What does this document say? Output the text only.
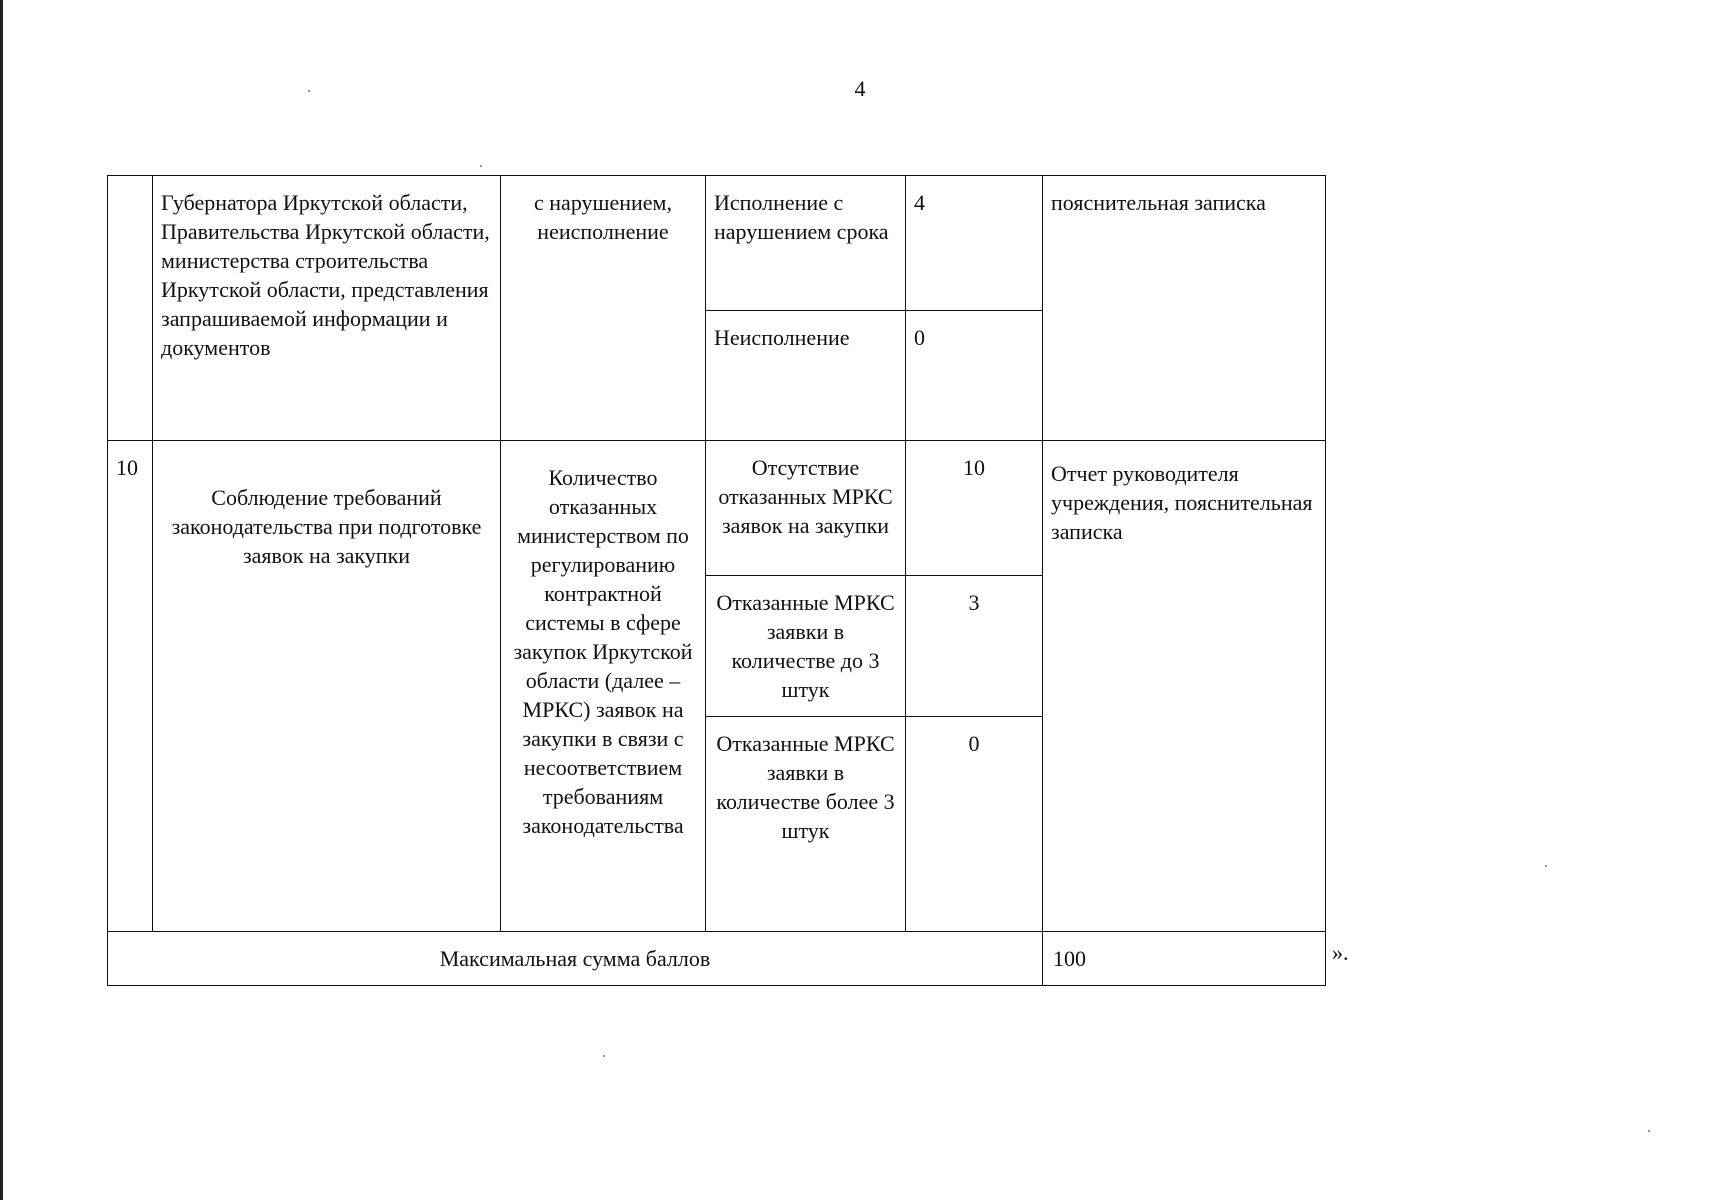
4
	Губернатора Иркутской области, Правительства Иркутской области, министерства строительства Иркутской области, представления запрашиваемой информации и документов	с нарушением, неисполнение	Исполнение с нарушением срока	4	пояснительная записка
			Неисполнение	0	
10	Соблюдение требований законодательства при подготовке заявок на закупки	Количество отказанных министерством по регулированию контрактной системы в сфере закупок Иркутской области (далее – МРКС) заявок на закупки в связи с несоответствием требованиям законодательства	Отсутствие отказанных МРКС заявок на закупки	10	Отчет руководителя учреждения, пояснительная записка
			Отказанные МРКС заявки в количестве до 3 штук	3	
			Отказанные МРКС заявки в количестве более 3 штук	0	
Максимальная сумма баллов					100	».
